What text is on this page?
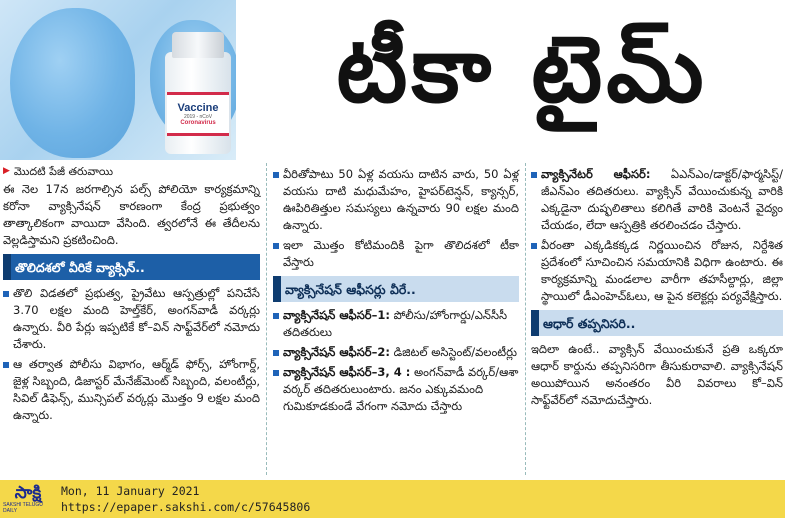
Vaccine
2019 - nCoV
Coronavirus	టీకా టైమ్
▶ మొదటి పేజీ తరువాయి
ఈ నెల 17న జరగాల్సిన పల్స్ పోలియో కార్యక్రమాన్ని కరోనా వ్యాక్సినేషన్ కారణంగా కేంద్ర ప్రభుత్వం తాత్కాలికంగా వాయిదా వేసింది. త్వరలోనే ఈ తేదీలను వెల్లడిస్తామని ప్రకటించింది.
తొలిదశలో వీరికే వ్యాక్సిన్..
తొలి విడతలో ప్రభుత్వ, ప్రైవేటు ఆస్పత్రుల్లో పనిచేసే 3.70 లక్షల మంది హెల్త్‌కేర్, అంగన్‌వాడీ వర్కర్లు ఉన్నారు. వీరి పేర్లు ఇప్పటికే కో–విన్ సాఫ్ట్‌వేర్‌లో నమోదు చేశారు.
ఆ తర్వాత పోలీసు విభాగం, ఆర్మ్‌డ్ ఫోర్స్, హోంగార్డ్, జైళ్ల సిబ్బంది, డిజాస్టర్ మేనేజ్‌మెంట్ సిబ్బంది, వలంటీర్లు, సివిల్ డిఫెన్స్, మున్సిపల్ వర్కర్లు మొత్తం 9 లక్షల మంది ఉన్నారు.
వీరితోపాటు 50 ఏళ్ల వయసు దాటిన వారు, 50 ఏళ్ల వయసు దాటి మధుమేహం, హైపర్‌టెన్షన్, క్యాన్సర్, ఊపిరితిత్తుల సమస్యలు ఉన్నవారు 90 లక్షల మంది ఉన్నారు.
ఇలా మొత్తం కోటిమందికి పైగా తొలిదశలో టీకా వేస్తారు
వ్యాక్సినేషన్ ఆఫీసర్లు వీరే..
వ్యాక్సినేషన్ ఆఫీసర్‌–1: పోలీసు/హోంగార్డు/ఎన్‌సీసీ తదితరులు
వ్యాక్సినేషన్ ఆఫీసర్‌–2: డిజిటల్ అసిస్టెంట్/వలంటీర్లు
వ్యాక్సినేషన్ ఆఫీసర్‌–3, 4 : అంగన్‌వాడీ వర్కర్/ఆశా వర్కర్ తదితరులుంటారు. జనం ఎక్కువమంది గుమికూడకుండే వేగంగా నమోదు చేస్తారు
వ్యాక్సినేటర్ ఆఫీసర్: ఏఎన్‌ఎం/డాక్టర్/ఫార్మసిస్ట్/జీఎన్‌ఎం తదితరులు. వ్యాక్సిన్ వేయించుకున్న వారికి ఎక్కడైనా దుష్ఫలితాలు కలిగితే వారికి వెంటనే వైద్యం చేయడం, లేదా ఆస్పత్రికి తరలించడం చేస్తారు.
వీరంతా ఎక్కడికక్కడ నిర్ణయించిన రోజున, నిర్దేశిత ప్రదేశంలో సూచించిన సమయానికి విధిగా ఉంటారు. ఈ కార్యక్రమాన్ని మండలాల వారీగా తహసీల్దార్లు, జిల్లా స్థాయిలో డీఎంహెచ్‌ఓలు, ఆ పైన కలెక్టర్లు పర్యవేక్షిస్తారు.
ఆధార్ తప్పనిసరి..
ఇదిలా ఉంటే.. వ్యాక్సిన్ వేయించుకునే ప్రతి ఒక్కరూ ఆధార్ కార్డును తప్పనిసరిగా తీసుకురావాలి. వ్యాక్సినేషన్ అయిపోయిన అనంతరం వీరి వివరాలు కో–విన్ సాఫ్ట్‌వేర్‌లో నమోదుచేస్తారు.
సాక్షి
SAKSHI TELUGU DAILY
Mon, 11 January 2021
https://epaper.sakshi.com/c/57645806
